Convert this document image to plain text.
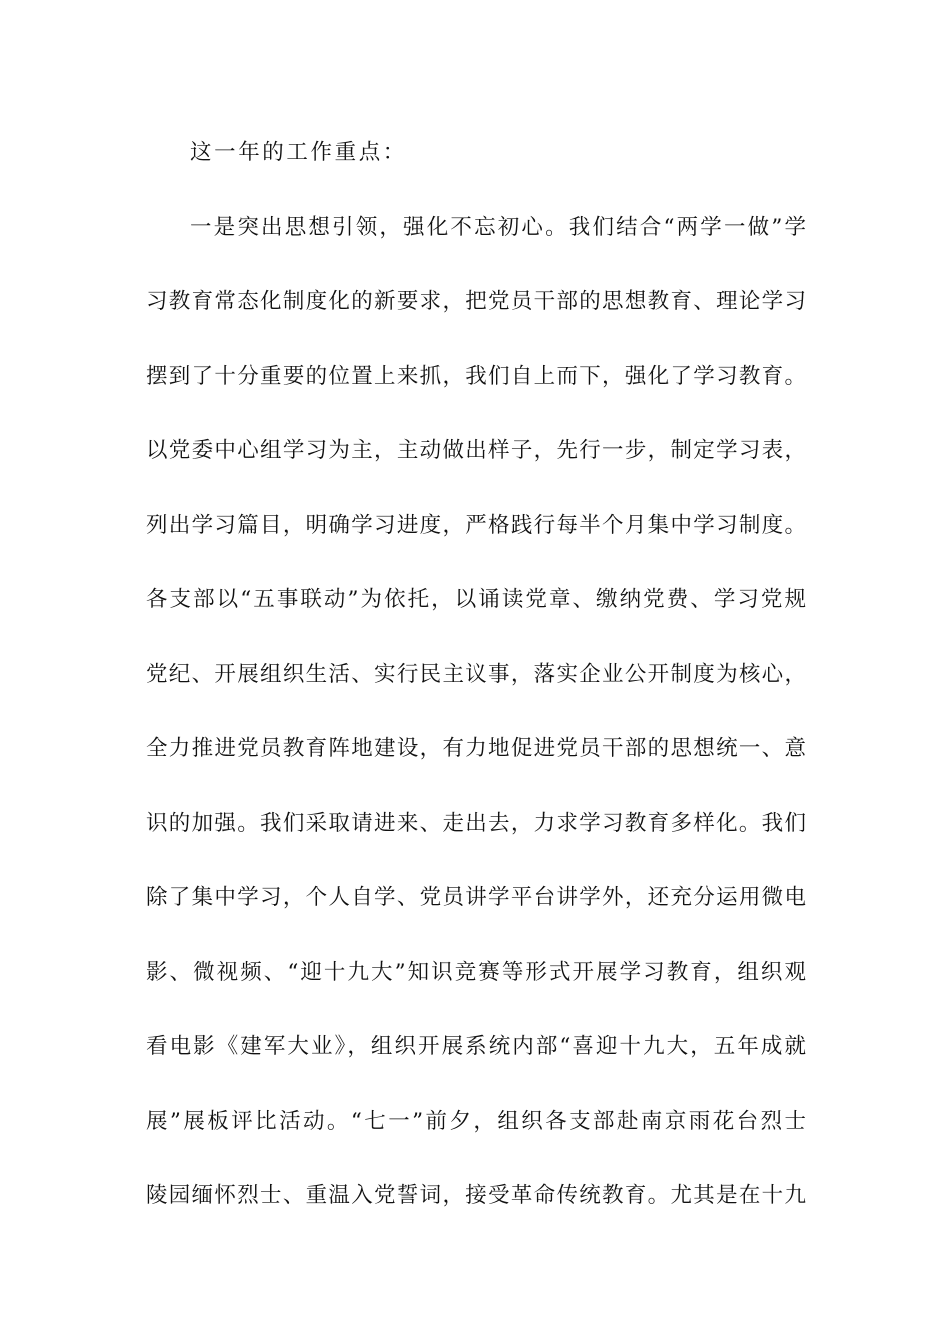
这一年的工作重点：
一是突出思想引领，强化不忘初心。我们结合“两学一做”学
习教育常态化制度化的新要求，把党员干部的思想教育、理论学习
摆到了十分重要的位置上来抓，我们自上而下，强化了学习教育。
以党委中心组学习为主，主动做出样子，先行一步，制定学习表，
列出学习篇目，明确学习进度，严格践行每半个月集中学习制度。
各支部以“五事联动”为依托，以诵读党章、缴纳党费、学习党规
党纪、开展组织生活、实行民主议事，落实企业公开制度为核心，
全力推进党员教育阵地建设，有力地促进党员干部的思想统一、意
识的加强。我们采取请进来、走出去，力求学习教育多样化。我们
除了集中学习，个人自学、党员讲学平台讲学外，还充分运用微电
影、微视频、“迎十九大”知识竞赛等形式开展学习教育，组织观
看电影《建军大业》，组织开展系统内部“喜迎十九大，五年成就
展”展板评比活动。“七一”前夕，组织各支部赴南京雨花台烈士
陵园缅怀烈士、重温入党誓词，接受革命传统教育。尤其是在十九
